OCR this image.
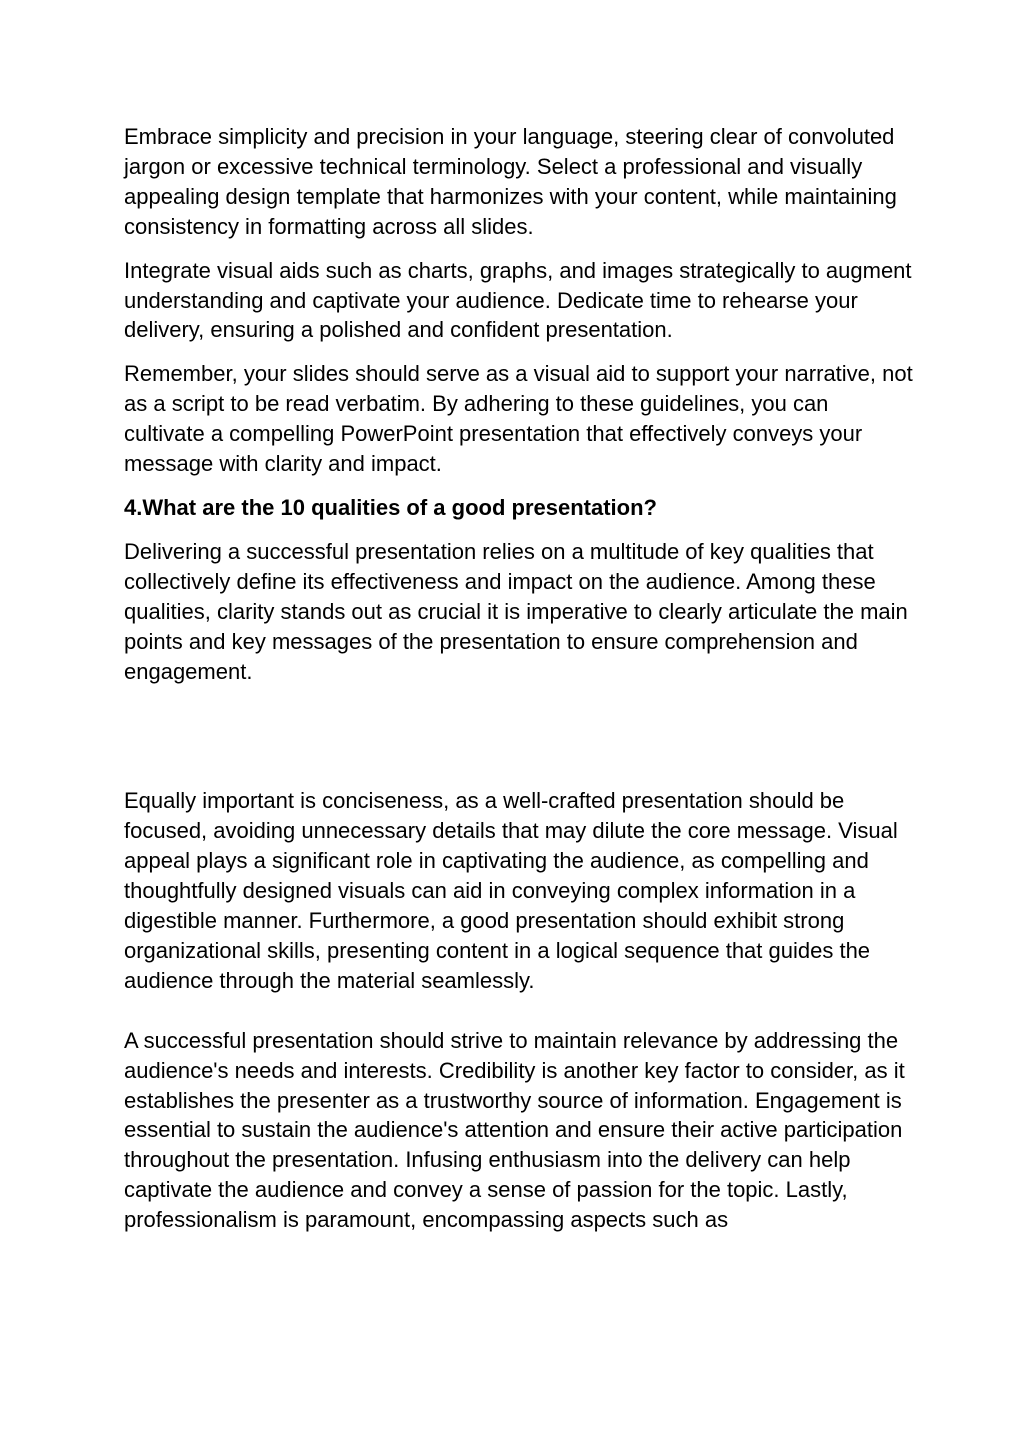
Embrace simplicity and precision in your language, steering clear of convoluted jargon or excessive technical terminology. Select a professional and visually appealing design template that harmonizes with your content, while maintaining consistency in formatting across all slides.

Integrate visual aids such as charts, graphs, and images strategically to augment understanding and captivate your audience. Dedicate time to rehearse your delivery, ensuring a polished and confident presentation.

Remember, your slides should serve as a visual aid to support your narrative, not as a script to be read verbatim. By adhering to these guidelines, you can cultivate a compelling PowerPoint presentation that effectively conveys your message with clarity and impact.

4.What are the 10 qualities of a good presentation?

Delivering a successful presentation relies on a multitude of key qualities that collectively define its effectiveness and impact on the audience. Among these qualities, clarity stands out as crucial it is imperative to clearly articulate the main points and key messages of the presentation to ensure comprehension and engagement.

Equally important is conciseness, as a well-crafted presentation should be focused, avoiding unnecessary details that may dilute the core message. Visual appeal plays a significant role in captivating the audience, as compelling and thoughtfully designed visuals can aid in conveying complex information in a digestible manner. Furthermore, a good presentation should exhibit strong organizational skills, presenting content in a logical sequence that guides the audience through the material seamlessly.

A successful presentation should strive to maintain relevance by addressing the audience's needs and interests. Credibility is another key factor to consider, as it establishes the presenter as a trustworthy source of information. Engagement is essential to sustain the audience's attention and ensure their active participation throughout the presentation. Infusing enthusiasm into the delivery can help captivate the audience and convey a sense of passion for the topic. Lastly, professionalism is paramount, encompassing aspects such as
